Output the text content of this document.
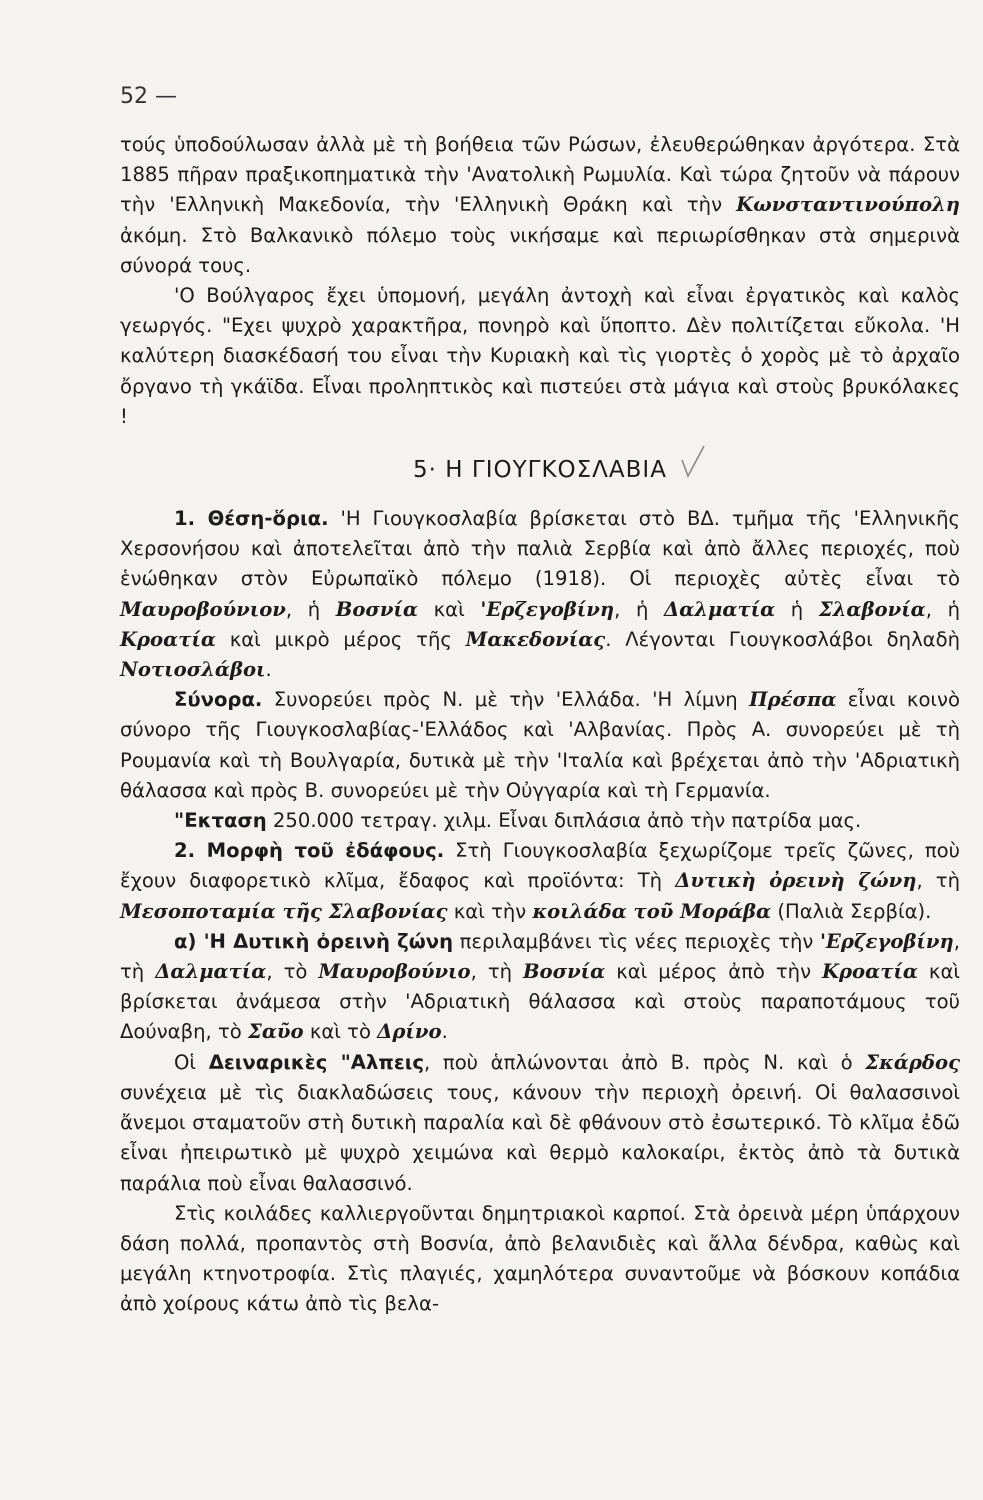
52 —

τούς ὑποδούλωσαν ἀλλὰ μὲ τὴ βοήθεια τῶν Ρώσων, ἐλευθερώθηκαν ἀργότερα. Στὰ 1885 πῆραν πραξικοπηματικὰ τὴν 'Ανατολικὴ Ρωμυλία. Καὶ τώρα ζητοῦν νὰ πάρουν τὴν 'Ελληνικὴ Μακεδονία, τὴν 'Ελληνικὴ Θράκη καὶ τὴν Κωνσταντινούπολη ἀκόμη. Στὸ Βαλκανικὸ πόλεμο τοὺς νικήσαμε καὶ περιωρίσθηκαν στὰ σημερινὰ σύνορά τους.

'Ο Βούλγαρος ἔχει ὑπομονή, μεγάλη ἀντοχὴ καὶ εἶναι ἐργατικὸς καὶ καλὸς γεωργός. "Εχει ψυχρὸ χαρακτῆρα, πονηρὸ καὶ ὕποπτο. Δὲν πολιτίζεται εὔκολα. 'Η καλύτερη διασκέδασή του εἶναι τὴν Κυριακὴ καὶ τὶς γιορτὲς ὁ χορὸς μὲ τὸ ἀρχαῖο ὄργανο τὴ γκάϊδα. Εἶναι προληπτικὸς καὶ πιστεύει στὰ μάγια καὶ στοὺς βρυκόλακες !

5· Η ΓΙΟΥΓΚΟΣΛΑΒΙΑ

1. Θέση-ὅρια. 'Η Γιουγκοσλαβία βρίσκεται στὸ ΒΔ. τμῆμα τῆς 'Ελληνικῆς Χερσονήσου καὶ ἀποτελεῖται ἀπὸ τὴν παλιὰ Σερβία καὶ ἀπὸ ἄλλες περιοχές, ποὺ ἑνώθηκαν στὸν Εὐρωπαϊκὸ πόλεμο (1918). Οἱ περιοχὲς αὐτὲς εἶναι τὸ Μαυροβούνιον, ἡ Βοσνία καὶ 'Ερζεγοβίνη, ἡ Δαλματία ἡ Σλαβονία, ἡ Κροατία καὶ μικρὸ μέρος τῆς Μακεδονίας. Λέγονται Γιουγκοσλάβοι δηλαδὴ Νοτιοσλάβοι.

Σύνορα. Συνορεύει πρὸς Ν. μὲ τὴν 'Ελλάδα. 'Η λίμνη Πρέσπα εἶναι κοινὸ σύνορο τῆς Γιουγκοσλαβίας-'Ελλάδος καὶ 'Αλβανίας. Πρὸς Α. συνορεύει μὲ τὴ Ρουμανία καὶ τὴ Βουλγαρία, δυτικὰ μὲ τὴν 'Ιταλία καὶ βρέχεται ἀπὸ τὴν 'Αδριατικὴ θάλασσα καὶ πρὸς Β. συνορεύει μὲ τὴν Οὐγγαρία καὶ τὴ Γερμανία.

"Εκταση 250.000 τετραγ. χιλμ. Εἶναι διπλάσια ἀπὸ τὴν πατρίδα μας.

2. Μορφὴ τοῦ ἐδάφους. Στὴ Γιουγκοσλαβία ξεχωρίζομε τρεῖς ζῶνες, ποὺ ἔχουν διαφορετικὸ κλῖμα, ἔδαφος καὶ προϊόντα: Τὴ Δυτικὴ ὀρεινὴ ζώνη, τὴ Μεσοποταμία τῆς Σλαβονίας καὶ τὴν κοιλάδα τοῦ Μοράβα (Παλιὰ Σερβία).

α) 'Η Δυτικὴ ὀρεινὴ ζώνη περιλαμβάνει τὶς νέες περιοχὲς τὴν 'Ερζεγοβίνη, τὴ Δαλματία, τὸ Μαυροβούνιο, τὴ Βοσνία καὶ μέρος ἀπὸ τὴν Κροατία καὶ βρίσκεται ἀνάμεσα στὴν 'Αδριατικὴ θάλασσα καὶ στοὺς παραποτάμους τοῦ Δούναβη, τὸ Σαῦο καὶ τὸ Δρίνο.

Οἱ Δειναρικὲς "Αλπεις, ποὺ ἁπλώνονται ἀπὸ Β. πρὸς Ν. καὶ ὁ Σκάρδος συνέχεια μὲ τὶς διακλαδώσεις τους, κάνουν τὴν περιοχὴ ὀρεινή. Οἱ θαλασσινοὶ ἄνεμοι σταματοῦν στὴ δυτικὴ παραλία καὶ δὲ φθάνουν στὸ ἐσωτερικό. Τὸ κλῖμα ἐδῶ εἶναι ἠπειρωτικὸ μὲ ψυχρὸ χειμώνα καὶ θερμὸ καλοκαίρι, ἐκτὸς ἀπὸ τὰ δυτικὰ παράλια ποὺ εἶναι θαλασσινό.

Στὶς κοιλάδες καλλιεργοῦνται δημητριακοὶ καρποί. Στὰ ὀρεινὰ μέρη ὑπάρχουν δάση πολλά, προπαντὸς στὴ Βοσνία, ἀπὸ βελανιδιὲς καὶ ἄλλα δένδρα, καθὼς καὶ μεγάλη κτηνοτροφία. Στὶς πλαγιές, χαμηλότερα συναντοῦμε νὰ βόσκουν κοπάδια ἀπὸ χοίρους κάτω ἀπὸ τὶς βελα-
